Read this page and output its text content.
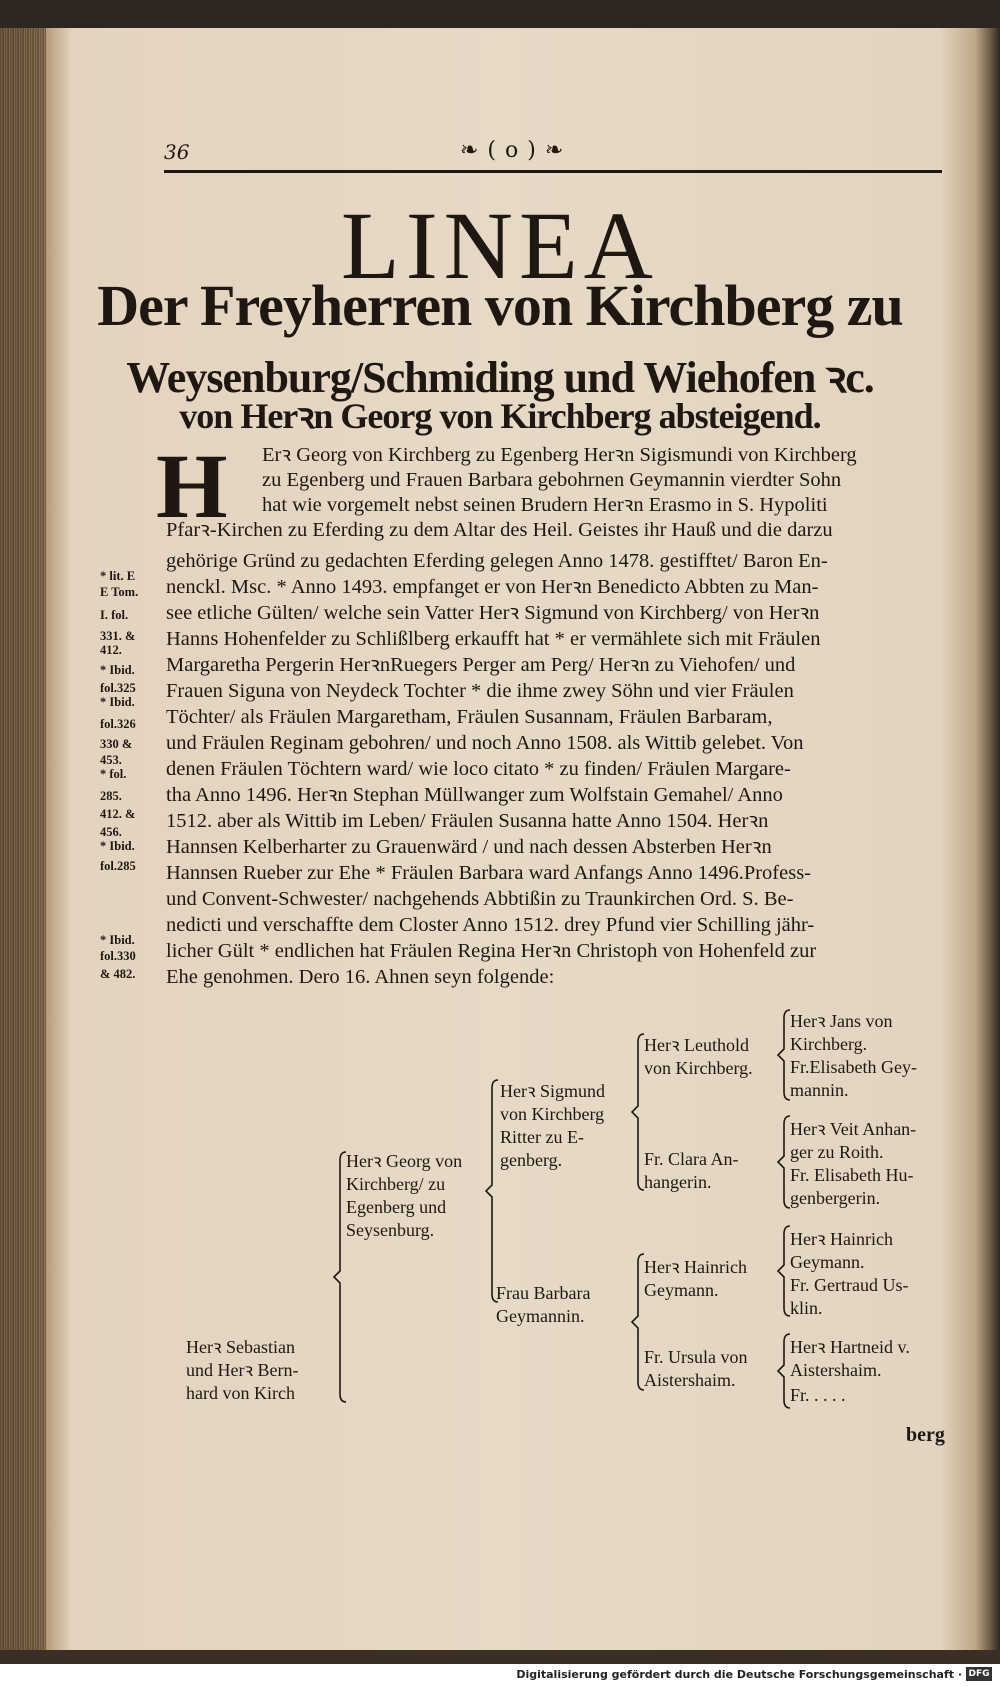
36	❧ ( o ) ❧
LINEA
Der Freyherren von Kirchberg zu
Weysenburg/Schmiding und Wiehofen ꝛc.
von Herꝛn Georg von Kirchberg absteigend.
H Erꝛ Georg von Kirchberg zu Egenberg Herꝛn Sigismundi von Kirchberg
zu Egenberg und Frauen Barbara gebohrnen Geymannin vierdter Sohn
hat wie vorgemelt nebst seinen Brudern Herꝛn Erasmo in S. Hypoliti
Pfarꝛ-Kirchen zu Eferding zu dem Altar des Heil. Geistes ihr Hauß und die darzu
gehörige Gründ zu gedachten Eferding gelegen Anno 1478. gestifftet/ Baron En-
nenckl. Msc. * Anno 1493. empfanget er von Herꝛn Benedicto Abbten zu Man-
see etliche Gülten/ welche sein Vatter Herꝛ Sigmund von Kirchberg/ von Herꝛn
Hanns Hohenfelder zu Schlißlberg erkaufft hat * er vermählete sich mit Fräulen
Margaretha Pergerin HerꝛnRuegers Perger am Perg/ Herꝛn zu Viehofen/ und
Frauen Siguna von Neydeck Tochter * die ihme zwey Söhn und vier Fräulen
Töchter/ als Fräulen Margaretham, Fräulen Susannam, Fräulen Barbaram,
und Fräulen Reginam gebohren/ und noch Anno 1508. als Wittib gelebet. Von
denen Fräulen Töchtern ward/ wie loco citato * zu finden/ Fräulen Margare-
tha Anno 1496. Herꝛn Stephan Müllwanger zum Wolfstain Gemahel/ Anno
1512. aber als Wittib im Leben/ Fräulen Susanna hatte Anno 1504. Herꝛn
Hannsen Kelberharter zu Grauenwärd / und nach dessen Absterben Herꝛn
Hannsen Rueber zur Ehe * Fräulen Barbara ward Anfangs Anno 1496.Profess-
und Convent-Schwester/ nachgehends Abbtißin zu Traunkirchen Ord. S. Be-
nedicti und verschaffte dem Closter Anno 1512. drey Pfund vier Schilling jähr-
licher Gült * endlichen hat Fräulen Regina Herꝛn Christoph von Hohenfeld zur
Ehe genohmen. Dero 16. Ahnen seyn folgende:
* lit. E
E Tom.
I. fol.
331. &
412.
* Ibid.
fol.325
* Ibid.
fol.326
330 &
453.
* fol.
285.
412. &
456.
* Ibid.
fol.285
* Ibid.
fol.330
& 482.
Herꝛ Sebastian
und Herꝛ Bern-
hard von Kirch
Herꝛ Georg von
Kirchberg/ zu
Egenberg und
Seysenburg.
Herꝛ Sigmund
von Kirchberg
Ritter zu E-
genberg.
Frau Barbara
Geymannin.
Herꝛ Leuthold
von Kirchberg.
Fr. Clara An-
hangerin.
Herꝛ Hainrich
Geymann.
Fr. Ursula von
Aistershaim.
Herꝛ Jans von
Kirchberg.
Fr.Elisabeth Gey-
mannin.
Herꝛ Veit Anhan-
ger zu Roith.
Fr. Elisabeth Hu-
genbergerin.
Herꝛ Hainrich
Geymann.
Fr. Gertraud Us-
klin.
Herꝛ Hartneid v.
Aistershaim.
Fr. . . . .
berg
Digitalisierung gefördert durch die Deutsche Forschungsgemeinschaft · DFG
